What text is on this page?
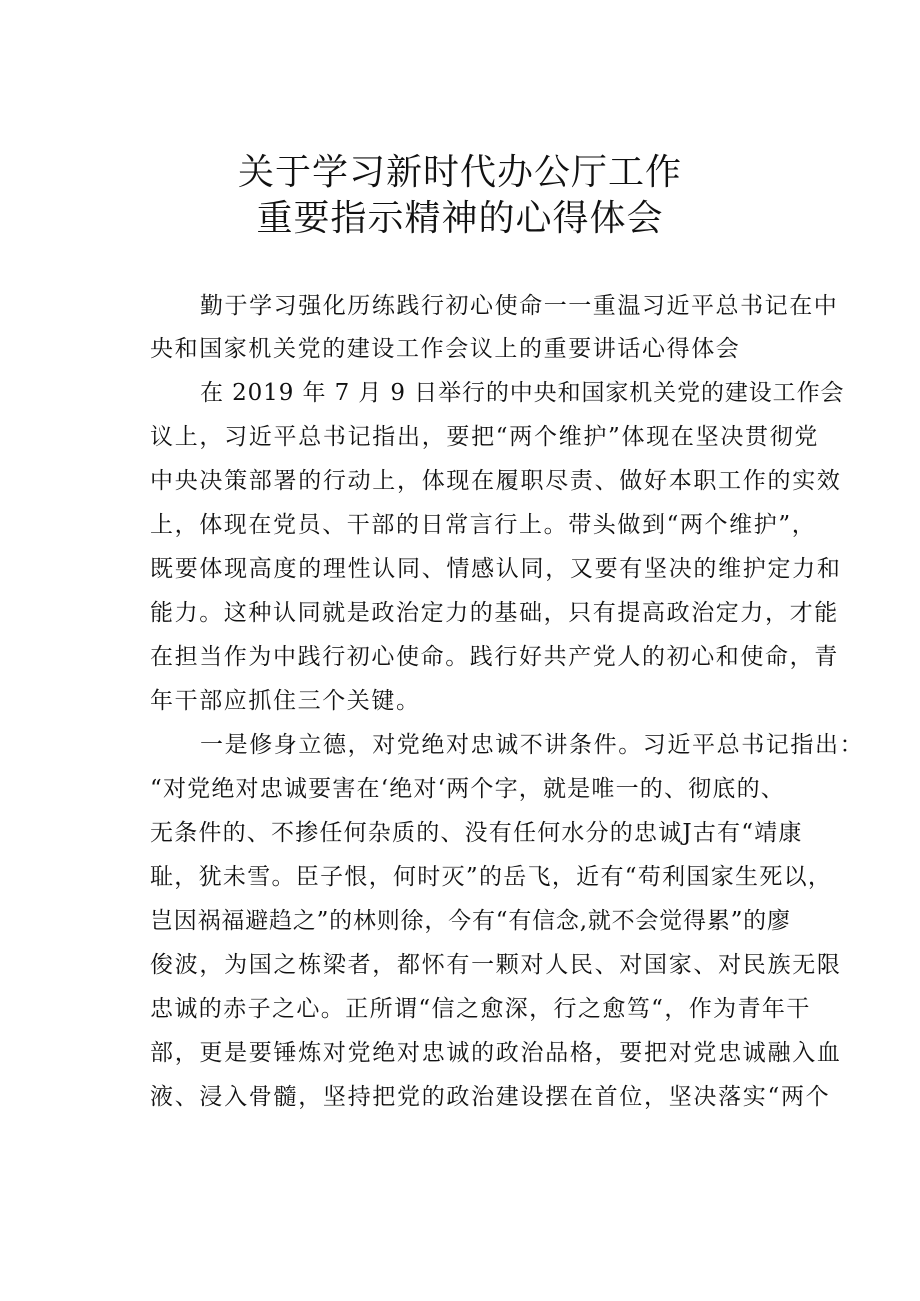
关于学习新时代办公厅工作
重要指示精神的心得体会
勤于学习强化历练践行初心使命一一重温习近平总书记在中
央和国家机关党的建设工作会议上的重要讲话心得体会
在 2019 年 7 月 9 日举行的中央和国家机关党的建设工作会
议上，习近平总书记指出，要把“两个维护”体现在坚决贯彻党
中央决策部署的行动上，体现在履职尽责、做好本职工作的实效
上，体现在党员、干部的日常言行上。带头做到“两个维护”，
既要体现高度的理性认同、情感认同，又要有坚决的维护定力和
能力。这种认同就是政治定力的基础，只有提高政治定力，才能
在担当作为中践行初心使命。践行好共产党人的初心和使命，青
年干部应抓住三个关键。
一是修身立德，对党绝对忠诚不讲条件。习近平总书记指出：
“对党绝对忠诚要害在‘绝对‘两个字，就是唯一的、彻底的、
无条件的、不掺任何杂质的、没有任何水分的忠诚J古有“靖康
耻，犹未雪。臣子恨，何时灭”的岳飞，近有“苟利国家生死以，
岂因祸福避趋之”的林则徐，今有“有信念,就不会觉得累”的廖
俊波，为国之栋梁者，都怀有一颗对人民、对国家、对民族无限
忠诚的赤子之心。正所谓“信之愈深，行之愈笃“，作为青年干
部，更是要锤炼对党绝对忠诚的政治品格，要把对党忠诚融入血
液、浸入骨髓，坚持把党的政治建设摆在首位，坚决落实“两个
